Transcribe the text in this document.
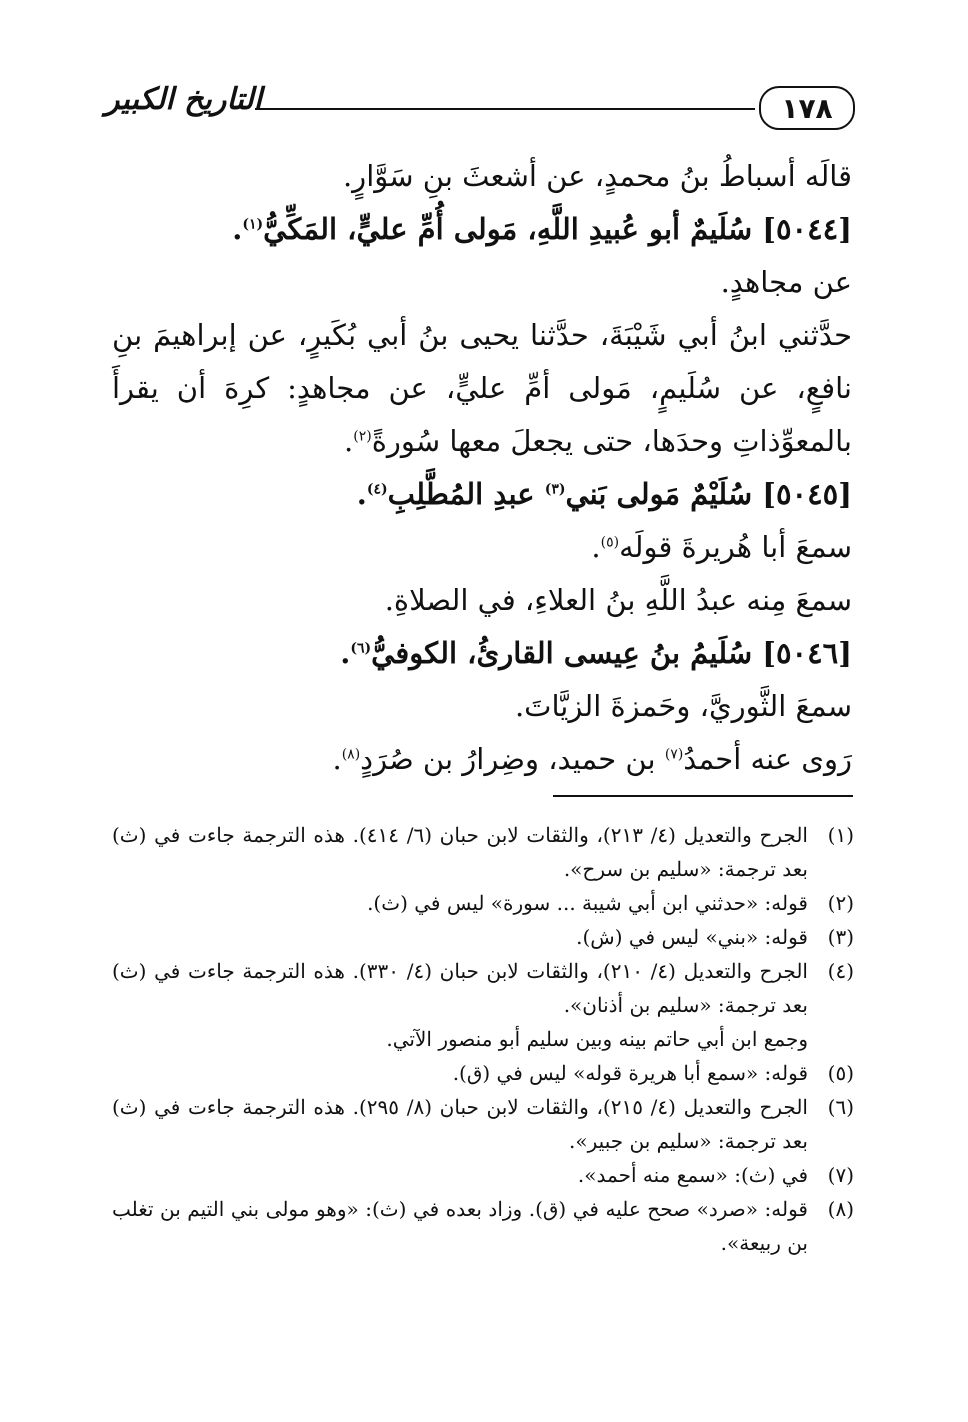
١٧٨
التاريخ الكبير
قالَه أسباطُ بنُ محمدٍ، عن أشعثَ بنِ سَوَّارٍ.
[٥٠٤٤] سُلَيمٌ أبو عُبيدِ اللَّهِ، مَولى أُمِّ عليٍّ، المَكِّيُّ$^{(١)}$.
عن مجاهدٍ.
حدَّثني ابنُ أبي شَيْبَةَ، حدَّثنا يحيى بنُ أبي بُكَيرٍ، عن إبراهيمَ بنِ نافعٍ، عن سُلَيمٍ، مَولى أمِّ عليٍّ، عن مجاهدٍ: كرِهَ أن يقرأَ بالمعوِّذاتِ وحدَها، حتى يجعلَ معها سُورةً$^{(٢)}$.
[٥٠٤٥] سُلَيْمٌ مَولى بَني$^{(٣)}$ عبدِ المُطَّلِبِ$^{(٤)}$.
سمعَ أبا هُريرةَ قولَه$^{(٥)}$.
سمعَ مِنه عبدُ اللَّهِ بنُ العلاءِ، في الصلاةِ.
[٥٠٤٦] سُلَيمُ بنُ عِيسى القارئُ، الكوفيُّ$^{(٦)}$.
سمعَ الثَّوريَّ، وحَمزةَ الزيَّاتَ.
رَوى عنه أحمدُ$^{(٧)}$ بن حميد، وضِرارُ بن صُرَدٍ$^{(٨)}$.
(١)
الجرح والتعديل (٤/ ٢١٣)، والثقات لابن حبان (٦/ ٤١٤). هذه الترجمة جاءت في (ث) بعد ترجمة: «سليم بن سرح».
(٢)
قوله: «حدثني ابن أبي شيبة ... سورة» ليس في (ث).
(٣)
قوله: «بني» ليس في (ش).
(٤)
الجرح والتعديل (٤/ ٢١٠)، والثقات لابن حبان (٤/ ٣٣٠). هذه الترجمة جاءت في (ث) بعد ترجمة: «سليم بن أذنان».
وجمع ابن أبي حاتم بينه وبين سليم أبو منصور الآتي.
(٥)
قوله: «سمع أبا هريرة قوله» ليس في (ق).
(٦)
الجرح والتعديل (٤/ ٢١٥)، والثقات لابن حبان (٨/ ٢٩٥). هذه الترجمة جاءت في (ث) بعد ترجمة: «سليم بن جبير».
(٧)
في (ث): «سمع منه أحمد».
(٨)
قوله: «صرد» صحح عليه في (ق). وزاد بعده في (ث): «وهو مولى بني التيم بن تغلب بن ربيعة».
